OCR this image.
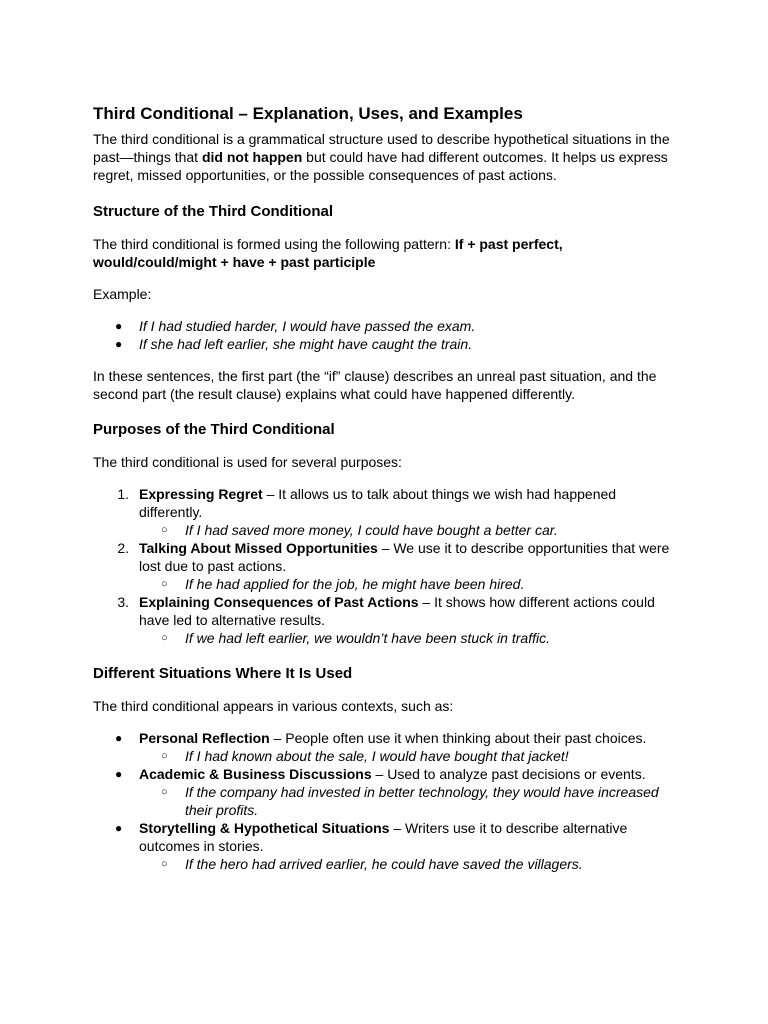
Third Conditional – Explanation, Uses, and Examples

The third conditional is a grammatical structure used to describe hypothetical situations in the past—things that did not happen but could have had different outcomes. It helps us express regret, missed opportunities, or the possible consequences of past actions.

Structure of the Third Conditional

The third conditional is formed using the following pattern: If + past perfect, would/could/might + have + past participle

Example:

● If I had studied harder, I would have passed the exam.
● If she had left earlier, she might have caught the train.

In these sentences, the first part (the “if” clause) describes an unreal past situation, and the second part (the result clause) explains what could have happened differently.

Purposes of the Third Conditional

The third conditional is used for several purposes:

1. Expressing Regret – It allows us to talk about things we wish had happened differently.
○ If I had saved more money, I could have bought a better car.
2. Talking About Missed Opportunities – We use it to describe opportunities that were lost due to past actions.
○ If he had applied for the job, he might have been hired.
3. Explaining Consequences of Past Actions – It shows how different actions could have led to alternative results.
○ If we had left earlier, we wouldn’t have been stuck in traffic.
Different Situations Where It Is Used

The third conditional appears in various contexts, such as:

● Personal Reflection – People often use it when thinking about their past choices.
○ If I had known about the sale, I would have bought that jacket!
● Academic & Business Discussions – Used to analyze past decisions or events.
○ If the company had invested in better technology, they would have increased their profits.
● Storytelling & Hypothetical Situations – Writers use it to describe alternative outcomes in stories.
○ If the hero had arrived earlier, he could have saved the villagers.
